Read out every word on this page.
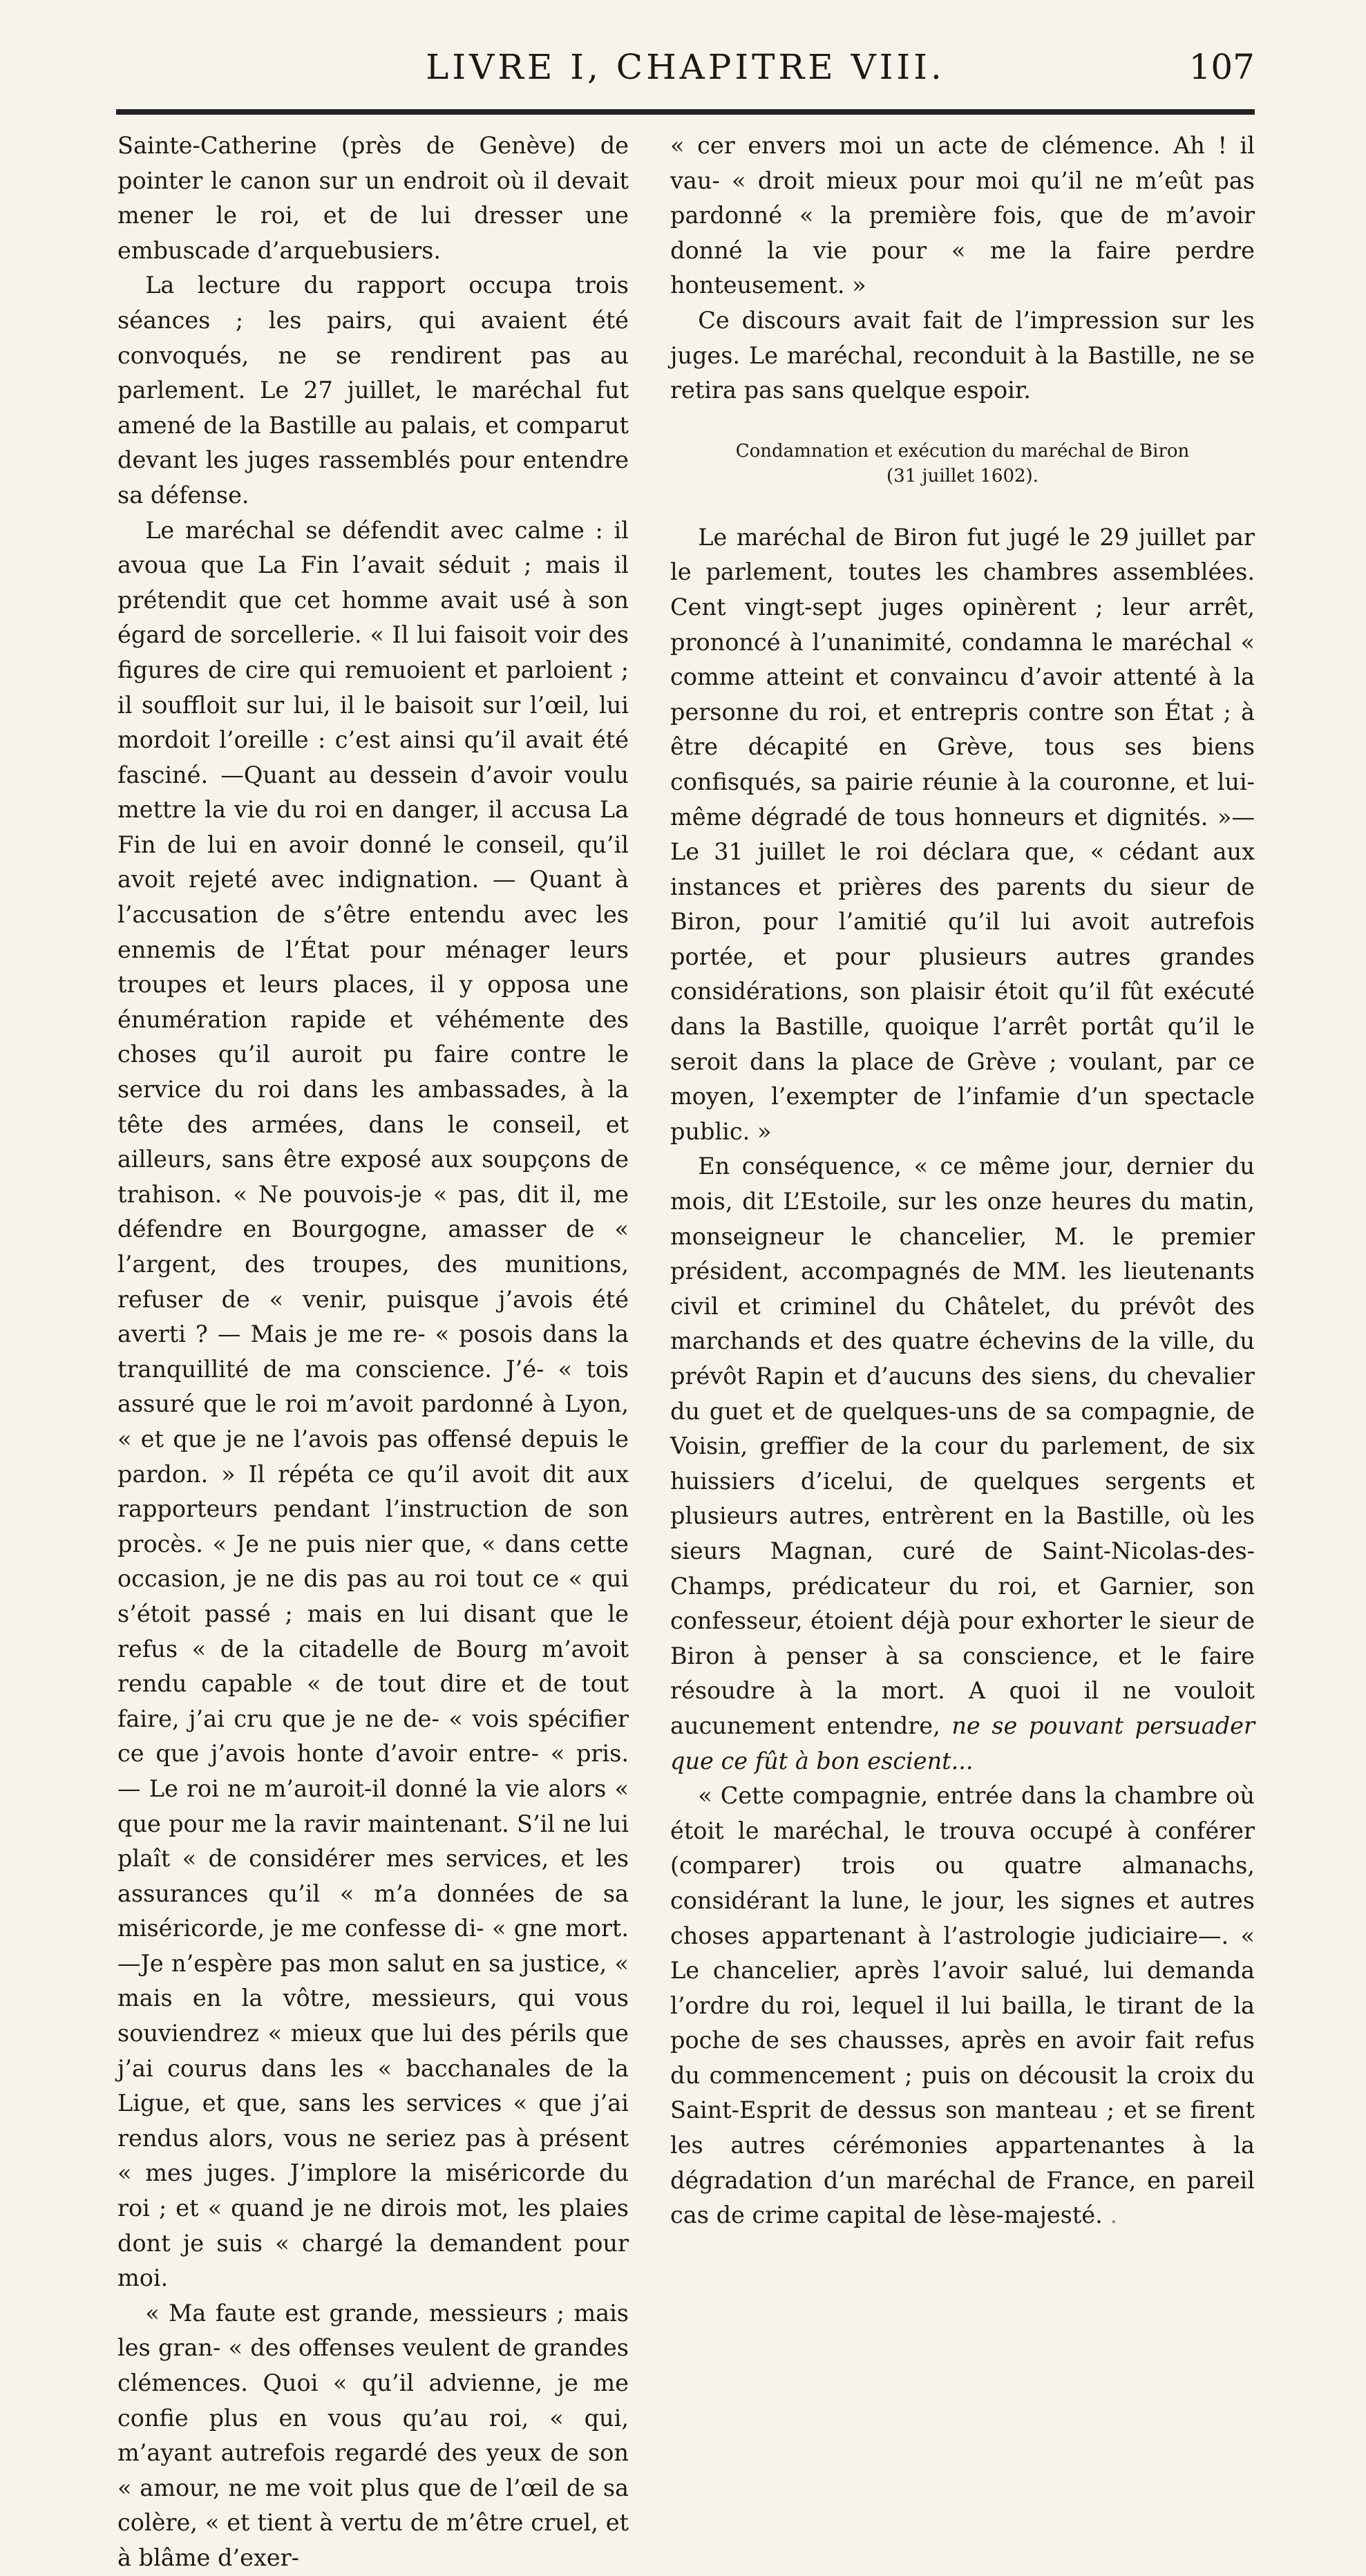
LIVRE I, CHAPITRE VIII.	107

Sainte-Catherine (près de Genève) de pointer le canon sur un endroit où il devait mener le roi, et de lui dresser une embuscade d’arquebusiers.

La lecture du rapport occupa trois séances ; les pairs, qui avaient été convoqués, ne se rendirent pas au parlement. Le 27 juillet, le maréchal fut amené de la Bastille au palais, et comparut devant les juges rassemblés pour entendre sa défense.

Le maréchal se défendit avec calme : il avoua que La Fin l’avait séduit ; mais il prétendit que cet homme avait usé à son égard de sorcellerie. « Il lui faisoit voir des figures de cire qui remuoient et parloient ; il souffloit sur lui, il le baisoit sur l’œil, lui mordoit l’oreille : c’est ainsi qu’il avait été fasciné. —Quant au dessein d’avoir voulu mettre la vie du roi en danger, il accusa La Fin de lui en avoir donné le conseil, qu’il avoit rejeté avec indignation. — Quant à l’accusation de s’être entendu avec les ennemis de l’État pour ménager leurs troupes et leurs places, il y opposa une énumération rapide et véhémente des choses qu’il auroit pu faire contre le service du roi dans les ambassades, à la tête des armées, dans le conseil, et ailleurs, sans être exposé aux soupçons de trahison. « Ne pouvois-je « pas, dit il, me défendre en Bourgogne, amasser de « l’argent, des troupes, des munitions, refuser de « venir, puisque j’avois été averti ? — Mais je me re- « posois dans la tranquillité de ma conscience. J’é- « tois assuré que le roi m’avoit pardonné à Lyon, « et que je ne l’avois pas offensé depuis le pardon. » Il répéta ce qu’il avoit dit aux rapporteurs pendant l’instruction de son procès. « Je ne puis nier que, « dans cette occasion, je ne dis pas au roi tout ce « qui s’étoit passé ; mais en lui disant que le refus « de la citadelle de Bourg m’avoit rendu capable « de tout dire et de tout faire, j’ai cru que je ne de- « vois spécifier ce que j’avois honte d’avoir entre- « pris. — Le roi ne m’auroit-il donné la vie alors « que pour me la ravir maintenant. S’il ne lui plaît « de considérer mes services, et les assurances qu’il « m’a données de sa miséricorde, je me confesse di- « gne mort.—Je n’espère pas mon salut en sa justice, « mais en la vôtre, messieurs, qui vous souviendrez « mieux que lui des périls que j’ai courus dans les « bacchanales de la Ligue, et que, sans les services « que j’ai rendus alors, vous ne seriez pas à présent « mes juges. J’implore la miséricorde du roi ; et « quand je ne dirois mot, les plaies dont je suis « chargé la demandent pour moi.

« Ma faute est grande, messieurs ; mais les gran- « des offenses veulent de grandes clémences. Quoi « qu’il advienne, je me confie plus en vous qu’au roi, « qui, m’ayant autrefois regardé des yeux de son « amour, ne me voit plus que de l’œil de sa colère, « et tient à vertu de m’être cruel, et à blâme d’exer-

« cer envers moi un acte de clémence. Ah ! il vau- « droit mieux pour moi qu’il ne m’eût pas pardonné « la première fois, que de m’avoir donné la vie pour « me la faire perdre honteusement. »

Ce discours avait fait de l’impression sur les juges. Le maréchal, reconduit à la Bastille, ne se retira pas sans quelque espoir.

Condamnation et exécution du maréchal de Biron
(31 juillet 1602).

Le maréchal de Biron fut jugé le 29 juillet par le parlement, toutes les chambres assemblées. Cent vingt-sept juges opinèrent ; leur arrêt, prononcé à l’unanimité, condamna le maréchal « comme atteint et convaincu d’avoir attenté à la personne du roi, et entrepris contre son État ; à être décapité en Grève, tous ses biens confisqués, sa pairie réunie à la couronne, et lui-même dégradé de tous honneurs et dignités. »—Le 31 juillet le roi déclara que, « cédant aux instances et prières des parents du sieur de Biron, pour l’amitié qu’il lui avoit autrefois portée, et pour plusieurs autres grandes considérations, son plaisir étoit qu’il fût exécuté dans la Bastille, quoique l’arrêt portât qu’il le seroit dans la place de Grève ; voulant, par ce moyen, l’exempter de l’infamie d’un spectacle public. »

En conséquence, « ce même jour, dernier du mois, dit L’Estoile, sur les onze heures du matin, monseigneur le chancelier, M. le premier président, accompagnés de MM. les lieutenants civil et criminel du Châtelet, du prévôt des marchands et des quatre échevins de la ville, du prévôt Rapin et d’aucuns des siens, du chevalier du guet et de quelques-uns de sa compagnie, de Voisin, greffier de la cour du parlement, de six huissiers d’icelui, de quelques sergents et plusieurs autres, entrèrent en la Bastille, où les sieurs Magnan, curé de Saint-Nicolas-des-Champs, prédicateur du roi, et Garnier, son confesseur, étoient déjà pour exhorter le sieur de Biron à penser à sa conscience, et le faire résoudre à la mort. A quoi il ne vouloit aucunement entendre, ne se pouvant persuader que ce fût à bon escient...

« Cette compagnie, entrée dans la chambre où étoit le maréchal, le trouva occupé à conférer (comparer) trois ou quatre almanachs, considérant la lune, le jour, les signes et autres choses appartenant à l’astrologie judiciaire—. « Le chancelier, après l’avoir salué, lui demanda l’ordre du roi, lequel il lui bailla, le tirant de la poche de ses chausses, après en avoir fait refus du commencement ; puis on décousit la croix du Saint-Esprit de dessus son manteau ; et se firent les autres cérémonies appartenantes à la dégradation d’un maréchal de France, en pareil cas de crime capital de lèse-majesté. .
